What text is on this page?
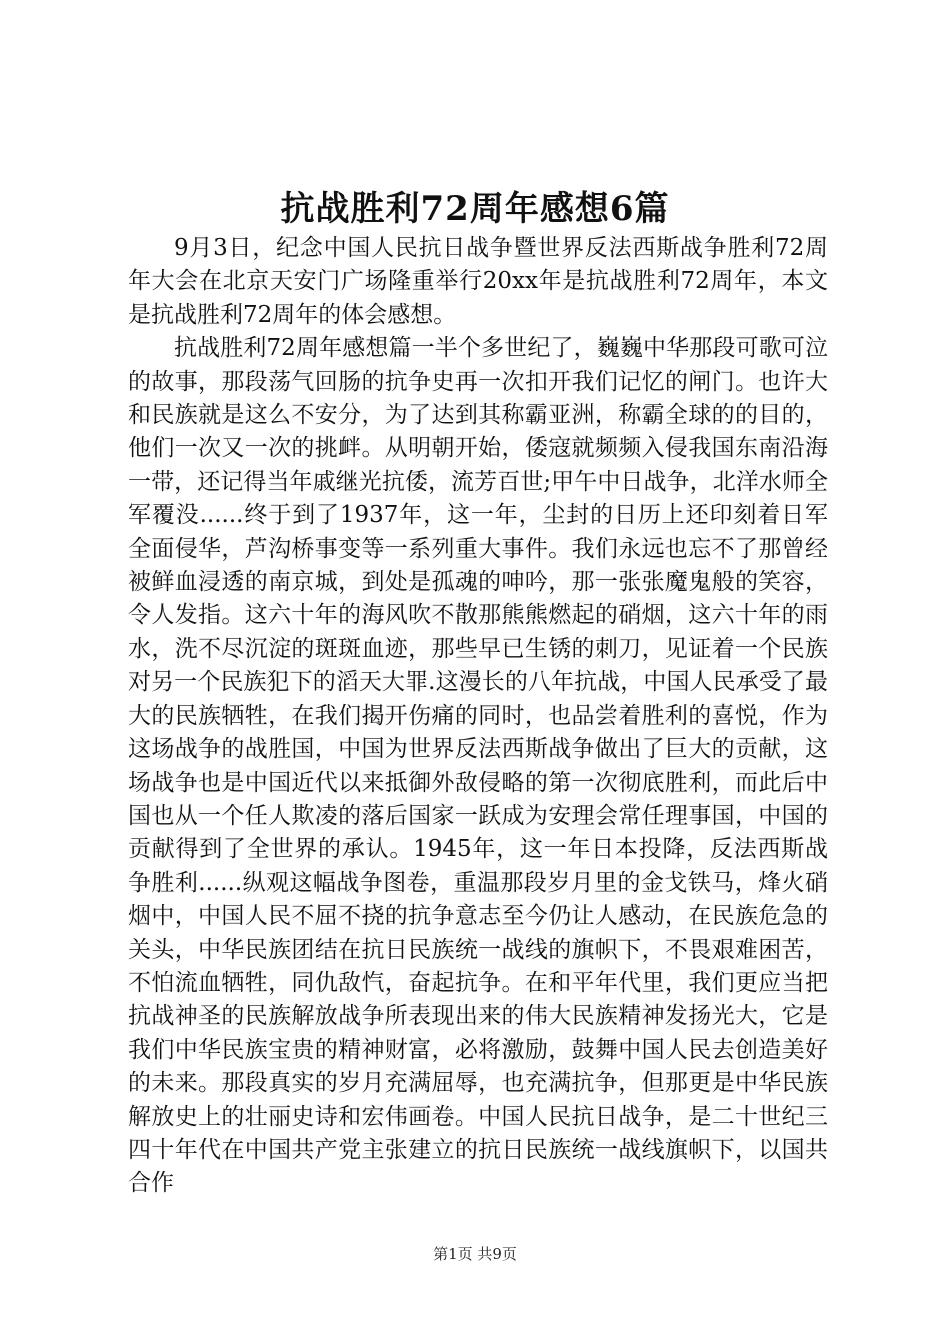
抗战胜利72周年感想6篇

9月3日，纪念中国人民抗日战争暨世界反法西斯战争胜利72周年大会在北京天安门广场隆重举行20xx年是抗战胜利72周年，本文是抗战胜利72周年的体会感想。

抗战胜利72周年感想篇一半个多世纪了，巍巍中华那段可歌可泣的故事，那段荡气回肠的抗争史再一次扣开我们记忆的闸门。也许大和民族就是这么不安分，为了达到其称霸亚洲，称霸全球的的目的，他们一次又一次的挑衅。从明朝开始，倭寇就频频入侵我国东南沿海一带，还记得当年戚继光抗倭，流芳百世;甲午中日战争，北洋水师全军覆没......终于到了1937年，这一年，尘封的日历上还印刻着日军全面侵华，芦沟桥事变等一系列重大事件。我们永远也忘不了那曾经被鲜血浸透的南京城，到处是孤魂的呻吟，那一张张魔鬼般的笑容，令人发指。这六十年的海风吹不散那熊熊燃起的硝烟，这六十年的雨水，洗不尽沉淀的斑斑血迹，那些早已生锈的刺刀，见证着一个民族对另一个民族犯下的滔天大罪.这漫长的八年抗战，中国人民承受了最大的民族牺牲，在我们揭开伤痛的同时，也品尝着胜利的喜悦，作为这场战争的战胜国，中国为世界反法西斯战争做出了巨大的贡献，这场战争也是中国近代以来抵御外敌侵略的第一次彻底胜利，而此后中国也从一个任人欺凌的落后国家一跃成为安理会常任理事国，中国的贡献得到了全世界的承认。1945年，这一年日本投降，反法西斯战争胜利......纵观这幅战争图卷，重温那段岁月里的金戈铁马，烽火硝烟中，中国人民不屈不挠的抗争意志至今仍让人感动，在民族危急的关头，中华民族团结在抗日民族统一战线的旗帜下，不畏艰难困苦，不怕流血牺牲，同仇敌忾，奋起抗争。在和平年代里，我们更应当把抗战神圣的民族解放战争所表现出来的伟大民族精神发扬光大，它是我们中华民族宝贵的精神财富，必将激励，鼓舞中国人民去创造美好的未来。那段真实的岁月充满屈辱，也充满抗争，但那更是中华民族解放史上的壮丽史诗和宏伟画卷。中国人民抗日战争，是二十世纪三四十年代在中国共产党主张建立的抗日民族统一战线旗帜下，以国共合作

第1页 共9页
